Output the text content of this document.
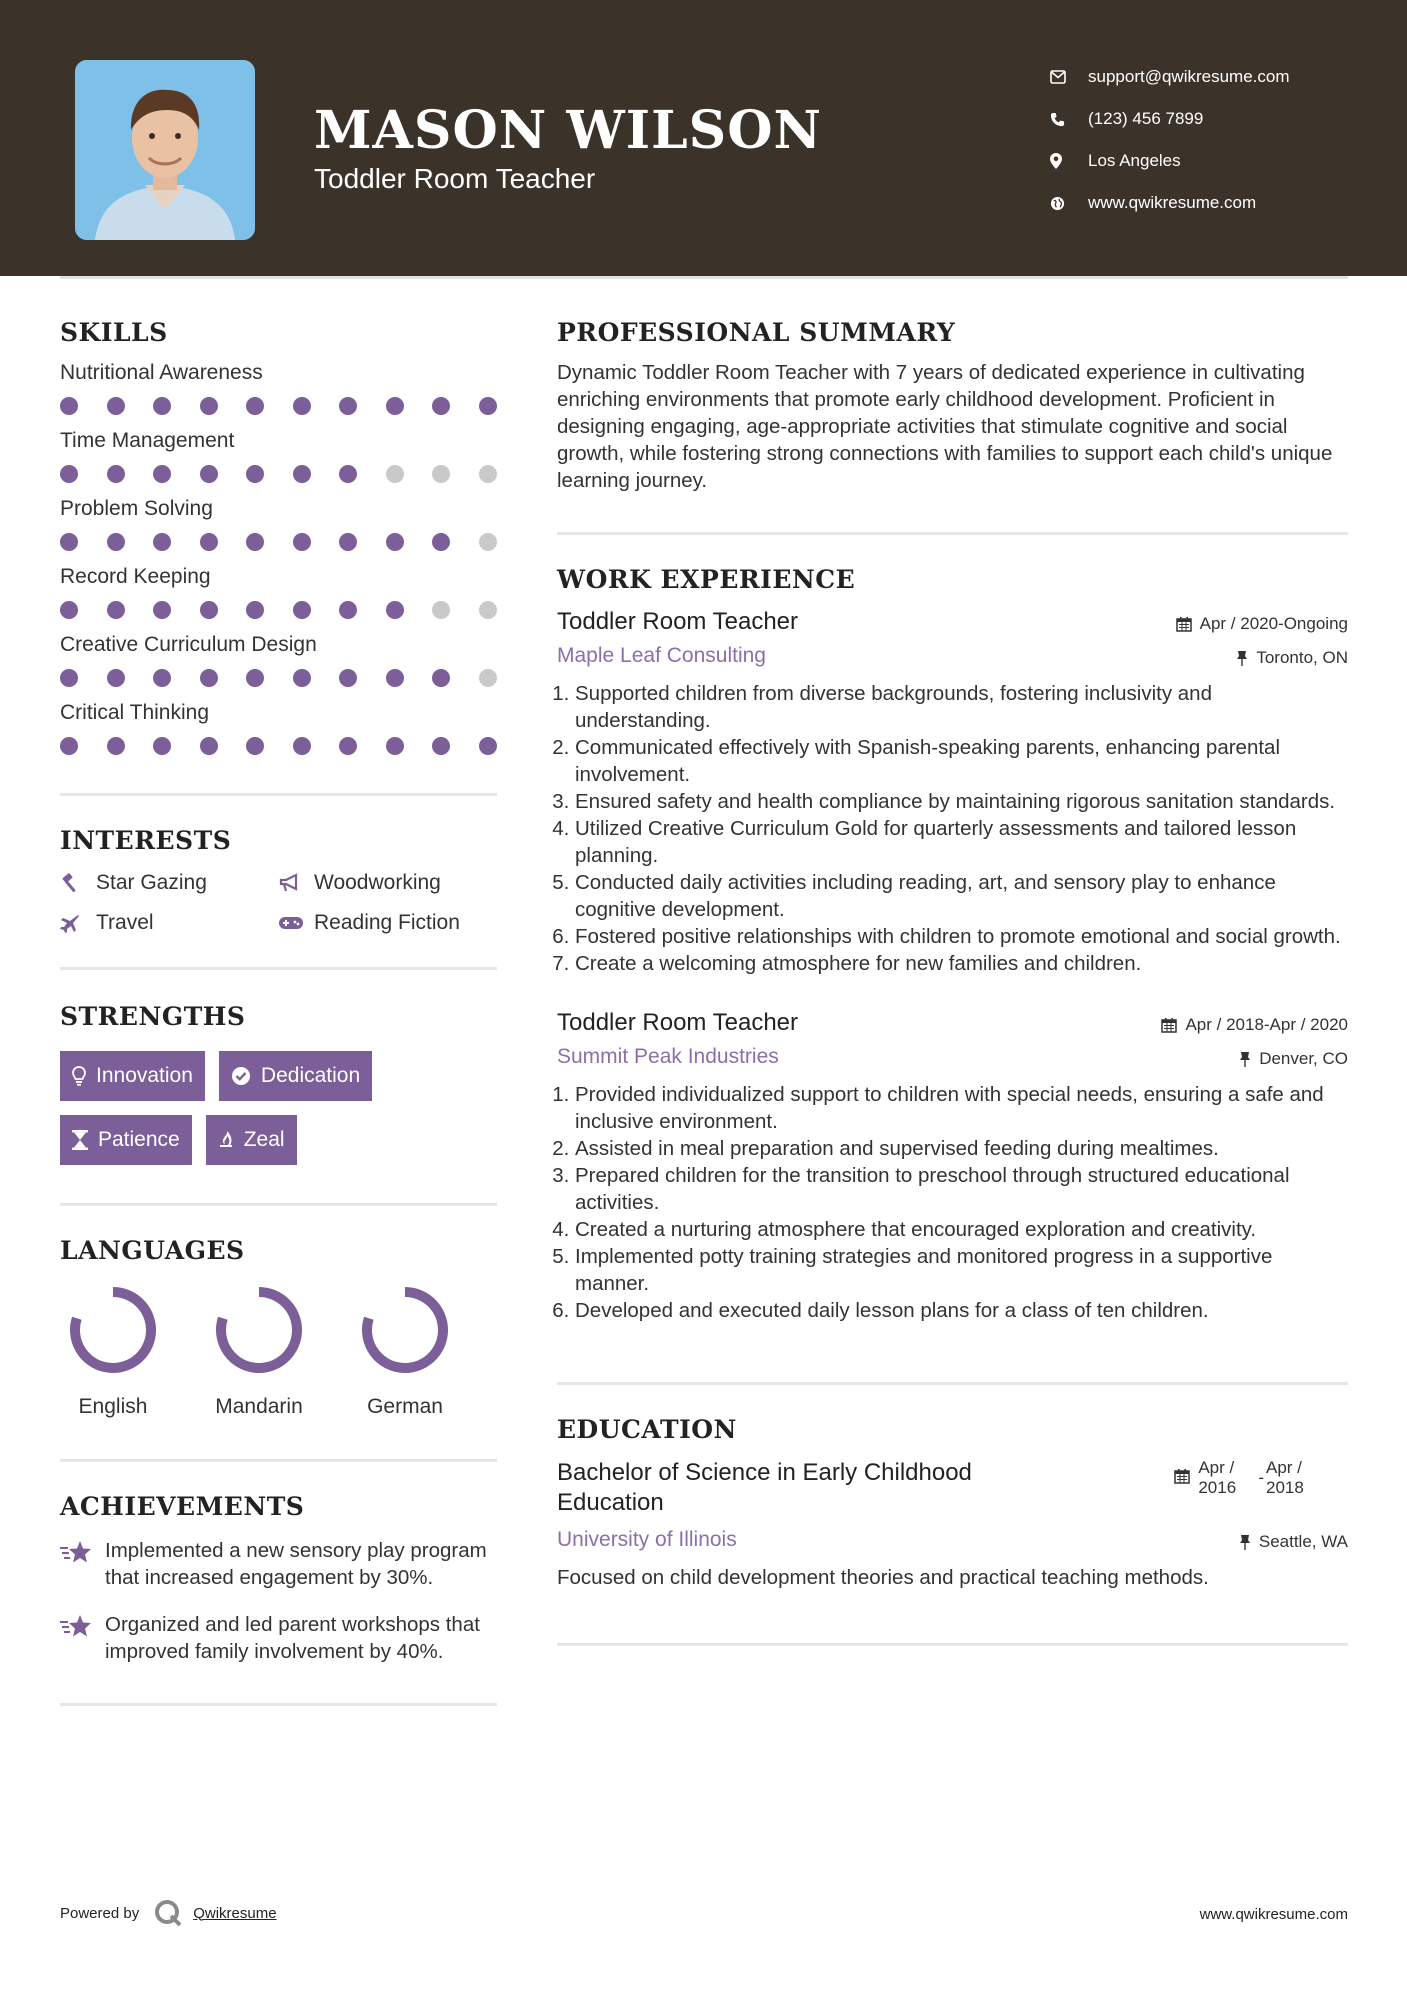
MASON WILSON
Toddler Room Teacher
support@qwikresume.com
(123) 456 7899
Los Angeles
www.qwikresume.com
SKILLS
Nutritional Awareness
Time Management
Problem Solving
Record Keeping
Creative Curriculum Design
Critical Thinking
INTERESTS
Star Gazing	Woodworking
Travel	Reading Fiction
STRENGTHS
Innovation	Dedication
Patience	Zeal
LANGUAGES
English	Mandarin	German
ACHIEVEMENTS
Implemented a new sensory play program that increased engagement by 30%.
Organized and led parent workshops that improved family involvement by 40%.
PROFESSIONAL SUMMARY
Dynamic Toddler Room Teacher with 7 years of dedicated experience in cultivating enriching environments that promote early childhood development. Proficient in designing engaging, age-appropriate activities that stimulate cognitive and social growth, while fostering strong connections with families to support each child's unique learning journey.
WORK EXPERIENCE
Toddler Room Teacher	Apr / 2020-Ongoing
Maple Leaf Consulting	Toronto, ON
1. Supported children from diverse backgrounds, fostering inclusivity and understanding.
2. Communicated effectively with Spanish-speaking parents, enhancing parental involvement.
3. Ensured safety and health compliance by maintaining rigorous sanitation standards.
4. Utilized Creative Curriculum Gold for quarterly assessments and tailored lesson planning.
5. Conducted daily activities including reading, art, and sensory play to enhance cognitive development.
6. Fostered positive relationships with children to promote emotional and social growth.
7. Create a welcoming atmosphere for new families and children.
Toddler Room Teacher	Apr / 2018-Apr / 2020
Summit Peak Industries	Denver, CO
1. Provided individualized support to children with special needs, ensuring a safe and inclusive environment.
2. Assisted in meal preparation and supervised feeding during mealtimes.
3. Prepared children for the transition to preschool through structured educational activities.
4. Created a nurturing atmosphere that encouraged exploration and creativity.
5. Implemented potty training strategies and monitored progress in a supportive manner.
6. Developed and executed daily lesson plans for a class of ten children.
EDUCATION
Bachelor of Science in Early Childhood Education
Apr / 2016
-
Apr / 2018
University of Illinois	Seattle, WA
Focused on child development theories and practical teaching methods.
Powered by	Qwikresume	www.qwikresume.com
